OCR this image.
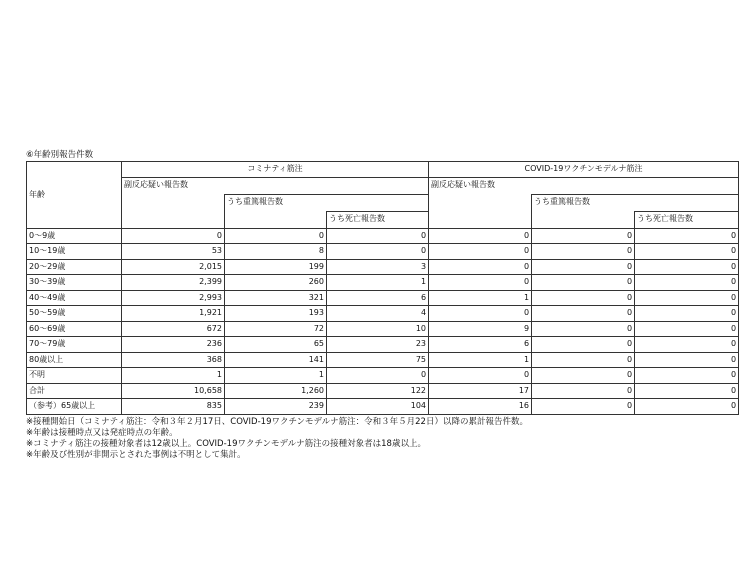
⑥年齢別報告件数
年齢	コミナティ筋注			COVID-19ワクチンモデルナ筋注		
	副反応疑い報告数			副反応疑い報告数		
		うち重篤報告数			うち重篤報告数	
			うち死亡報告数			うち死亡報告数
0～9歳	0	0	0	0	0	0
10～19歳	53	8	0	0	0	0
20～29歳	2,015	199	3	0	0	0
30～39歳	2,399	260	1	0	0	0
40～49歳	2,993	321	6	1	0	0
50～59歳	1,921	193	4	0	0	0
60～69歳	672	72	10	9	0	0
70～79歳	236	65	23	6	0	0
80歳以上	368	141	75	1	0	0
不明	1	1	0	0	0	0
合計	10,658	1,260	122	17	0	0
（参考）65歳以上	835	239	104	16	0	0
※接種開始日（コミナティ筋注：令和３年２月17日、COVID-19ワクチンモデルナ筋注：令和３年５月22日）以降の累計報告件数。
※年齢は接種時点又は発症時点の年齢。
※コミナティ筋注の接種対象者は12歳以上。COVID-19ワクチンモデルナ筋注の接種対象者は18歳以上。
※年齢及び性別が非開示とされた事例は不明として集計。
